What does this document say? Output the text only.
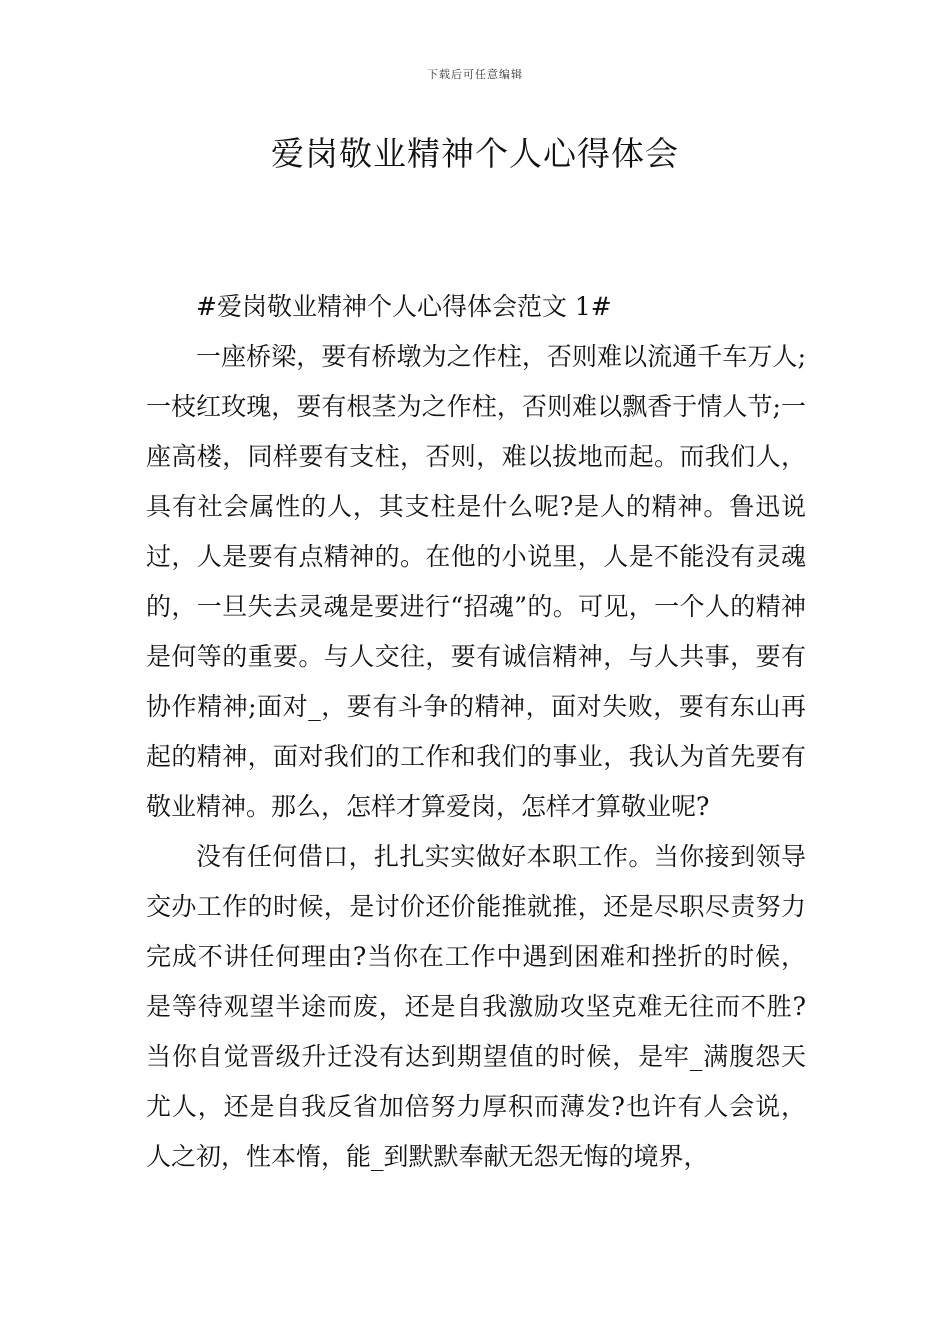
下载后可任意编辑
爱岗敬业精神个人心得体会

#爱岗敬业精神个人心得体会范文 1#

一座桥梁，要有桥墩为之作柱，否则难以流通千车万人;一枝红玫瑰，要有根茎为之作柱，否则难以飘香于情人节;一座高楼，同样要有支柱，否则，难以拔地而起。而我们人，具有社会属性的人，其支柱是什么呢?是人的精神。鲁迅说过，人是要有点精神的。在他的小说里，人是不能没有灵魂的，一旦失去灵魂是要进行“招魂”的。可见，一个人的精神是何等的重要。与人交往，要有诚信精神，与人共事，要有协作精神;面对_，要有斗争的精神，面对失败，要有东山再起的精神，面对我们的工作和我们的事业，我认为首先要有敬业精神。那么，怎样才算爱岗，怎样才算敬业呢?

没有任何借口，扎扎实实做好本职工作。当你接到领导交办工作的时候，是讨价还价能推就推，还是尽职尽责努力完成不讲任何理由?当你在工作中遇到困难和挫折的时候，是等待观望半途而废，还是自我激励攻坚克难无往而不胜?当你自觉晋级升迁没有达到期望值的时候，是牢_满腹怨天尤人，还是自我反省加倍努力厚积而薄发?也许有人会说，人之初，性本惰，能_到默默奉献无怨无悔的境界，
